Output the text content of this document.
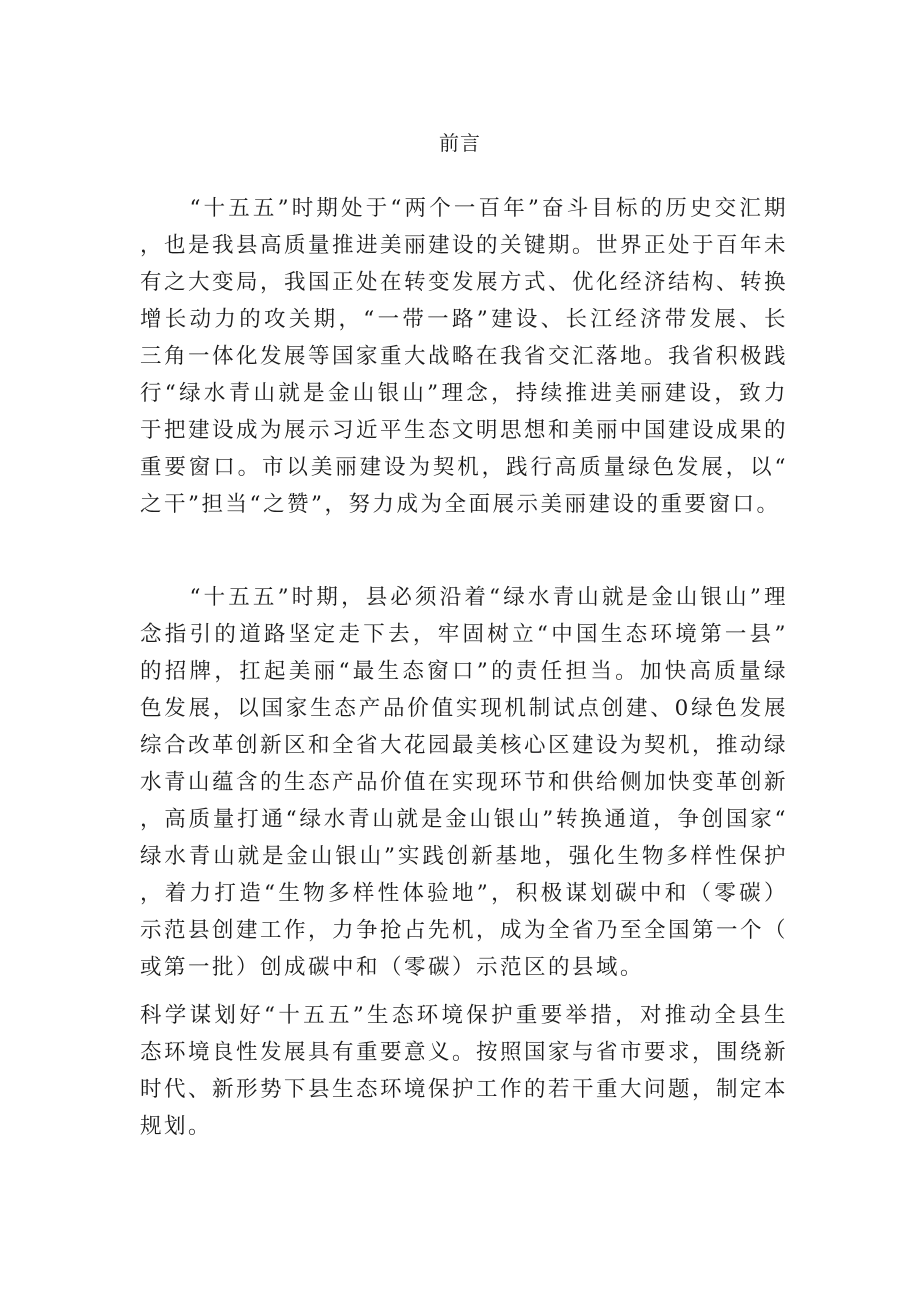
前言

“十五五”时期处于“两个一百年”奋斗目标的历史交汇期，也是我县高质量推进美丽建设的关键期。世界正处于百年未有之大变局，我国正处在转变发展方式、优化经济结构、转换增长动力的攻关期，“一带一路”建设、长江经济带发展、长三角一体化发展等国家重大战略在我省交汇落地。我省积极践行“绿水青山就是金山银山”理念，持续推进美丽建设，致力于把建设成为展示习近平生态文明思想和美丽中国建设成果的重要窗口。市以美丽建设为契机，践行高质量绿色发展，以“之干”担当“之赞”，努力成为全面展示美丽建设的重要窗口。

“十五五”时期，县必须沿着“绿水青山就是金山银山”理念指引的道路坚定走下去，牢固树立“中国生态环境第一县”的招牌，扛起美丽“最生态窗口”的责任担当。加快高质量绿色发展，以国家生态产品价值实现机制试点创建、0绿色发展综合改革创新区和全省大花园最美核心区建设为契机，推动绿水青山蕴含的生态产品价值在实现环节和供给侧加快变革创新，高质量打通“绿水青山就是金山银山”转换通道，争创国家“绿水青山就是金山银山”实践创新基地，强化生物多样性保护，着力打造“生物多样性体验地”，积极谋划碳中和（零碳）示范县创建工作，力争抢占先机，成为全省乃至全国第一个（或第一批）创成碳中和（零碳）示范区的县域。

科学谋划好“十五五”生态环境保护重要举措，对推动全县生态环境良性发展具有重要意义。按照国家与省市要求，围绕新时代、新形势下县生态环境保护工作的若干重大问题，制定本规划。
